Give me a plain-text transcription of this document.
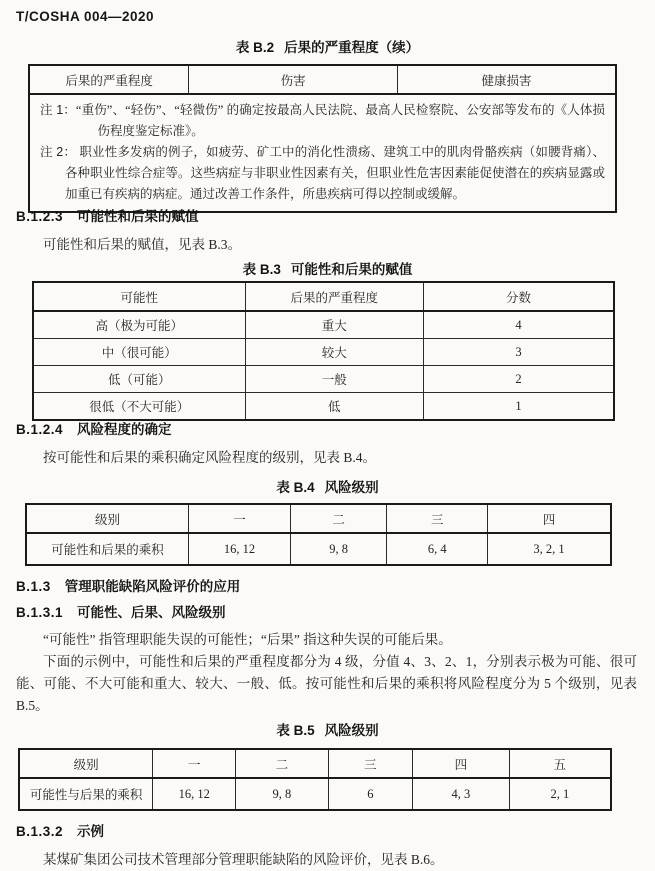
T/COSHA 004—2020
表 B.2 后果的严重程度（续）
后果的严重程度	伤害	健康损害

注 1：“重伤”、“轻伤”、“轻微伤” 的确定按最高人民法院、最高人民检察院、公安部等发布的《人体损伤程度鉴定标准》。
注 2： 职业性多发病的例子，如疲劳、矿工中的消化性溃疡、建筑工中的肌肉骨骼疾病（如腰背痛）、各种职业性综合症等。这些病症与非职业性因素有关，但职业性危害因素能促使潜在的疾病显露或加重已有疾病的病症。通过改善工作条件，所患疾病可得以控制或缓解。
B.1.2.3 可能性和后果的赋值
可能性和后果的赋值，见表 B.3。
表 B.3 可能性和后果的赋值
可能性	后果的严重程度	分数
高（极为可能）	重大	4
中（很可能）	较大	3
低（可能）	一般	2
很低（不大可能）	低	1
B.1.2.4 风险程度的确定
按可能性和后果的乘积确定风险程度的级别，见表 B.4。
表 B.4 风险级别
级别	一	二	三	四
可能性和后果的乘积	16, 12	9, 8	6, 4	3, 2, 1
B.1.3 管理职能缺陷风险评价的应用
B.1.3.1 可能性、后果、风险级别
“可能性” 指管理职能失误的可能性；“后果” 指这种失误的可能后果。
下面的示例中，可能性和后果的严重程度都分为 4 级，分值 4、3、2、1，分别表示极为可能、很可能、可能、不大可能和重大、较大、一般、低。按可能性和后果的乘积将风险程度分为 5 个级别，见表 B.5。
表 B.5 风险级别
级别	一	二	三	四	五
可能性与后果的乘积	16, 12	9, 8	6	4, 3	2, 1
B.1.3.2 示例
某煤矿集团公司技术管理部分管理职能缺陷的风险评价，见表 B.6。
